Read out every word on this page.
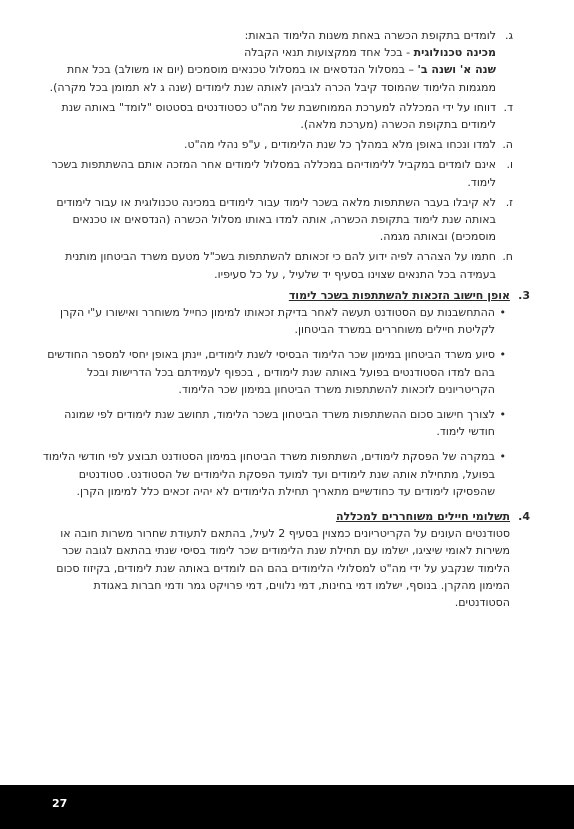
ג.
לומדים בתקופת הכשרה באחת משנות הלימוד הבאות:
מכינה טכנולוגית - בכל אחד ממקצועות תנאי הקבלה
שנה א' ושנה ב' – במסלול הנדסאים או במסלול טכנאים מוסמכים (יום או משולב) בכל אחת ממגמות הלימוד שהמוסד קיבל הכרה לגביהן לאותה שנת לימודים (שנה ג לא תמומן בכל מקרה).
ד.
דווחו על ידי המכללה למערכת הממוחשבת של מה"ט כסטודנטים בסטטוס "לומד" באותה שנת לימודים בתקופת הכשרה (מערכת מלאה).
ה.
למדו ונכחו באופן מלא במהלך כל שנת הלימודים , ע"פ נהלי מה"ט.
ו.
אינם לומדים במקביל ללימודיהם במכללה במסלול לימודים אחר המזכה אותם בהשתתפות בשכר לימוד.
ז.
לא קיבלו בעבר השתתפות מלאה בשכר לימוד עבור לימודים במכינה טכנולוגית או עבור לימודים באותה שנת לימוד בתקופת הכשרה, אותה למדו באותו מסלול הכשרה (הנדסאים או טכנאים מוסמכים) ובאותה מגמה.
ח.
חתמו על הצהרה לפיה ידוע להם כי זכאותם להשתתפות בשכ"ל מטעם משרד הביטחון מותנית בעמידה בכל התנאים שצוינו בסעיף יד שלעיל , על כל סעיפיו.
3.
אופן חישוב הזכאות להשתתפות בשכר לימוד
•
ההתחשבנות עם הסטודנט תעשה לאחר בדיקת זכאותו למימון כחייל משוחרר ואישורו ע"י הקרן לקליטת חיילים משוחררים במשרד הביטחון.
•
סיוע משרד הביטחון במימון שכר הלימוד הבסיסי לשנת לימודים, יינתן באופן יחסי למספר החודשים בהם למדו הסטודנטים בפועל באותה שנת לימודים , בכפוף לעמידתם בכל הדרישות ובכל הקריטריונים לזכאות להשתתפות משרד הביטחון במימון שכר הלימוד.
•
לצורך חישוב סכום ההשתתפות משרד הביטחון בשכר הלימוד, תחושב שנת לימודים לפי שמונה חודשי לימוד.
•
במקרה של הפסקת לימודים, השתתפות משרד הביטחון במימון הסטודנט תבוצע לפי חודשי הלימוד בפועל, מתחילת אותה שנת לימודים ועד למועד הפסקת הלימודים של הסטודנט. סטודנטים שהפסיקו לימודים עד כחודשיים מתאריך תחילת הלימודים לא יהיה זכאים כלל למימון הקרן.
4.
תשלומי חיילים משוחררים למכללה
סטודנטים העונים על הקריטריונים כמצוין בסעיף 2 לעיל, בהתאם לתעודת שחרור משרות חובה או משירות לאומי שיציגו, ישלמו עם תחילת שנת הלימודים שכר לימוד בסיסי שנתי בהתאם לגובה שכר הלימוד שנקבע על ידי מה"ט למסלולי הלימודים בהם הם לומדים באותה שנת לימודים, בקיזוז סכום המימון מהקרן. בנוסף, ישלמו דמי בחינות, דמי נלווים, דמי פרויקט גמר ודמי חברות באגודת הסטודנטים.
27
